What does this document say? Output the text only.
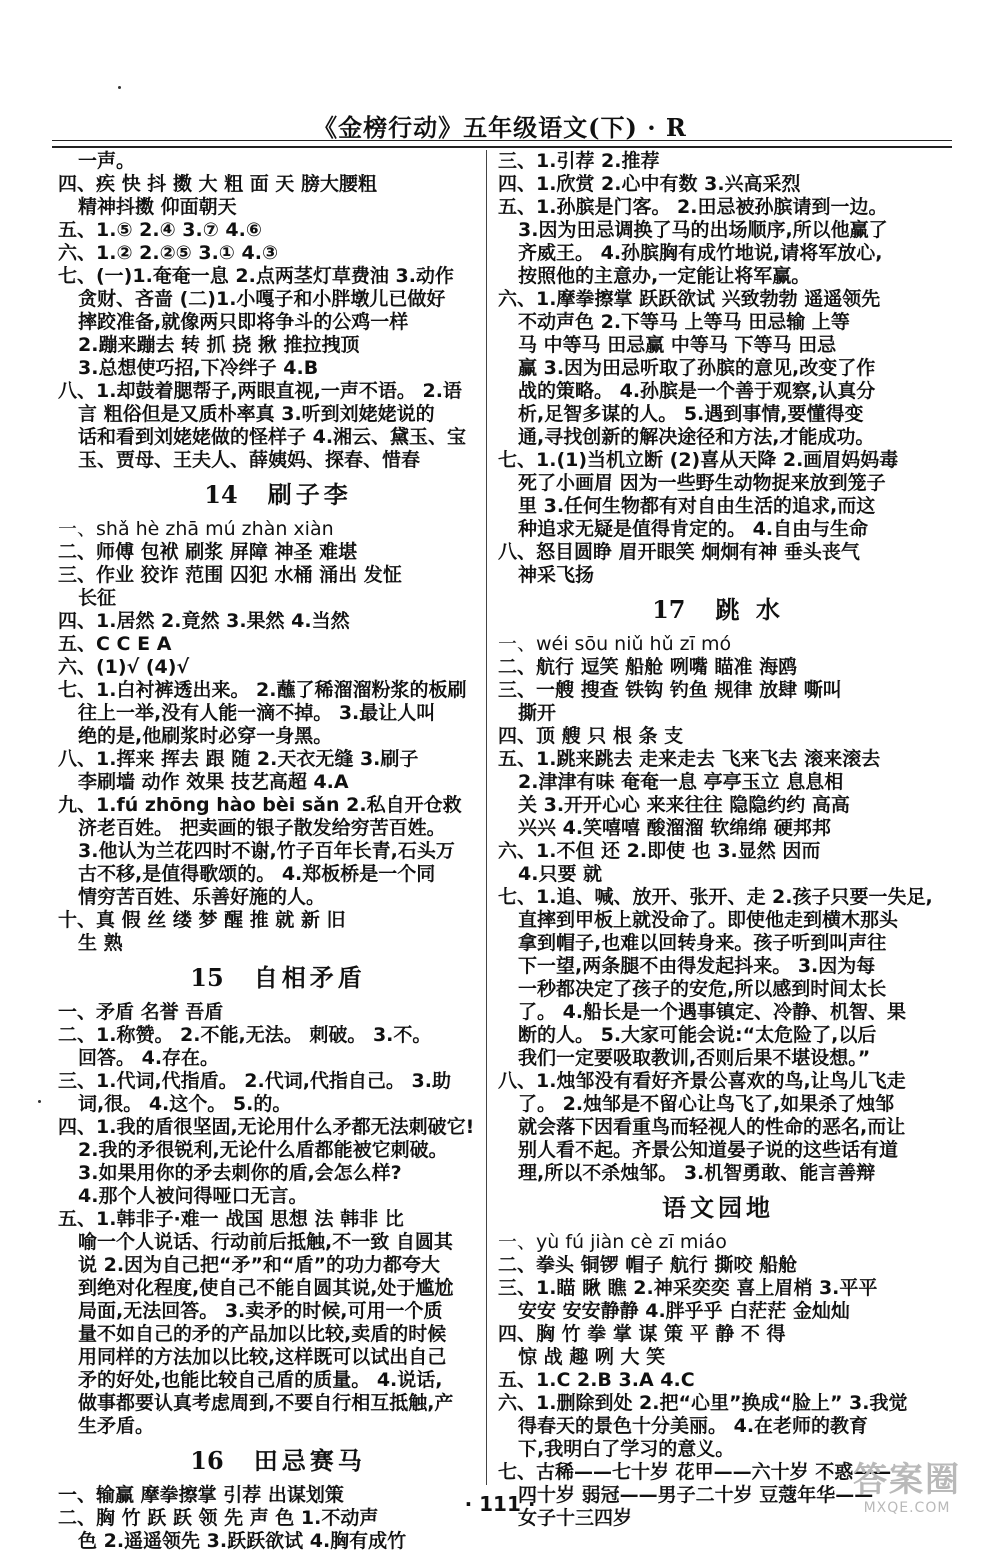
《金榜行动》五年级语文(下) · R
一声。
四、疾 快 抖 擞 大 粗 面 天 膀大腰粗
精神抖擞 仰面朝天
五、1.⑤ 2.④ 3.⑦ 4.⑥
六、1.② 2.②⑤ 3.① 4.③
七、(一)1.奄奄一息 2.点两茎灯草费油 3.动作
贪财、吝啬 (二)1.小嘎子和小胖墩儿已做好
摔跤准备,就像两只即将争斗的公鸡一样
2.蹦来蹦去 转 抓 挠 揪 推拉拽顶
3.总想使巧招,下冷绊子 4.B
八、1.却鼓着腮帮子,两眼直视,一声不语。 2.语
言 粗俗但是又质朴率真 3.听到刘姥姥说的
话和看到刘姥姥做的怪样子 4.湘云、黛玉、宝
玉、贾母、王夫人、薛姨妈、探春、惜春
14 刷子李
一、shǎ hè zhā mú zhàn xiàn
二、师傅 包袱 刷浆 屏障 神圣 难堪
三、作业 狡诈 范围 囚犯 水桶 涌出 发怔
长征
四、1.居然 2.竟然 3.果然 4.当然
五、C C E A
六、(1)√ (4)√
七、1.白衬裤透出来。 2.蘸了稀溜溜粉浆的板刷
往上一举,没有人能一滴不掉。 3.最让人叫
绝的是,他刷浆时必穿一身黑。
八、1.挥来 挥去 跟 随 2.天衣无缝 3.刷子
李刷墙 动作 效果 技艺高超 4.A
九、1.fú zhōng hào bèi sǎn 2.私自开仓救
济老百姓。 把卖画的银子散发给穷苦百姓。
3.他认为兰花四时不谢,竹子百年长青,石头万
古不移,是值得歌颂的。 4.郑板桥是一个同
情穷苦百姓、乐善好施的人。
十、真 假 丝 缕 梦 醒 推 就 新 旧
生 熟
15 自相矛盾
一、矛盾 名誉 吾盾
二、1.称赞。 2.不能,无法。 刺破。 3.不。
回答。 4.存在。
三、1.代词,代指盾。 2.代词,代指自己。 3.助
词,很。 4.这个。 5.的。
四、1.我的盾很坚固,无论用什么矛都无法刺破它!
2.我的矛很锐利,无论什么盾都能被它刺破。
3.如果用你的矛去刺你的盾,会怎么样?
4.那个人被问得哑口无言。
五、1.韩非子·难一 战国 思想 法 韩非 比
喻一个人说话、行动前后抵触,不一致 自圆其
说 2.因为自己把“矛”和“盾”的功力都夸大
到绝对化程度,使自己不能自圆其说,处于尴尬
局面,无法回答。 3.卖矛的时候,可用一个质
量不如自己的矛的产品加以比较,卖盾的时候
用同样的方法加以比较,这样既可以试出自己
矛的好处,也能比较自己盾的质量。 4.说话,
做事都要认真考虑周到,不要自行相互抵触,产
生矛盾。
16 田忌赛马
一、输赢 摩拳擦掌 引荐 出谋划策
二、胸 竹 跃 跃 领 先 声 色 1.不动声
色 2.遥遥领先 3.跃跃欲试 4.胸有成竹
三、1.引荐 2.推荐
四、1.欣赏 2.心中有数 3.兴高采烈
五、1.孙膑是门客。 2.田忌被孙膑请到一边。
3.因为田忌调换了马的出场顺序,所以他赢了
齐威王。 4.孙膑胸有成竹地说,请将军放心,
按照他的主意办,一定能让将军赢。
六、1.摩拳擦掌 跃跃欲试 兴致勃勃 遥遥领先
不动声色 2.下等马 上等马 田忌输 上等
马 中等马 田忌赢 中等马 下等马 田忌
赢 3.因为田忌听取了孙膑的意见,改变了作
战的策略。 4.孙膑是一个善于观察,认真分
析,足智多谋的人。 5.遇到事情,要懂得变
通,寻找创新的解决途径和方法,才能成功。
七、1.(1)当机立断 (2)喜从天降 2.画眉妈妈毒
死了小画眉 因为一些野生动物捉来放到笼子
里 3.任何生物都有对自由生活的追求,而这
种追求无疑是值得肯定的。 4.自由与生命
八、怒目圆睁 眉开眼笑 炯炯有神 垂头丧气
神采飞扬
17 跳 水
一、wéi sōu niǔ hǔ zī mó
二、航行 逗笑 船舱 咧嘴 瞄准 海鸥
三、一艘 搜查 铁钩 钓鱼 规律 放肆 嘶叫
撕开
四、顶 艘 只 根 条 支
五、1.跳来跳去 走来走去 飞来飞去 滚来滚去
2.津津有味 奄奄一息 亭亭玉立 息息相
关 3.开开心心 来来往往 隐隐约约 高高
兴兴 4.笑嘻嘻 酸溜溜 软绵绵 硬邦邦
六、1.不但 还 2.即使 也 3.显然 因而
4.只要 就
七、1.追、喊、放开、张开、走 2.孩子只要一失足,
直摔到甲板上就没命了。即使他走到横木那头
拿到帽子,也难以回转身来。孩子听到叫声往
下一望,两条腿不由得发起抖来。 3.因为每
一秒都决定了孩子的安危,所以感到时间太长
了。 4.船长是一个遇事镇定、冷静、机智、果
断的人。 5.大家可能会说:“太危险了,以后
我们一定要吸取教训,否则后果不堪设想。”
八、1.烛邹没有看好齐景公喜欢的鸟,让鸟儿飞走
了。 2.烛邹是不留心让鸟飞了,如果杀了烛邹
就会落下因看重鸟而轻视人的性命的恶名,而让
别人看不起。齐景公知道晏子说的这些话有道
理,所以不杀烛邹。 3.机智勇敢、能言善辩
语文园地
一、yù fú jiàn cè zī miáo
二、拳头 铜锣 帽子 航行 撕咬 船舱
三、1.瞄 瞅 瞧 2.神采奕奕 喜上眉梢 3.平平
安安 安安静静 4.胖乎乎 白茫茫 金灿灿
四、胸 竹 拳 掌 谋 策 平 静 不 得
惊 战 趣 咧 大 笑
五、1.C 2.B 3.A 4.C
六、1.删除到处 2.把“心里”换成“脸上” 3.我觉
得春天的景色十分美丽。 4.在老师的教育
下,我明白了学习的意义。
七、古稀——七十岁 花甲——六十岁 不惑——
四十岁 弱冠——男子二十岁 豆蔻年华——
女子十三四岁
· 111 ·
答案圈
MXQE.COM
